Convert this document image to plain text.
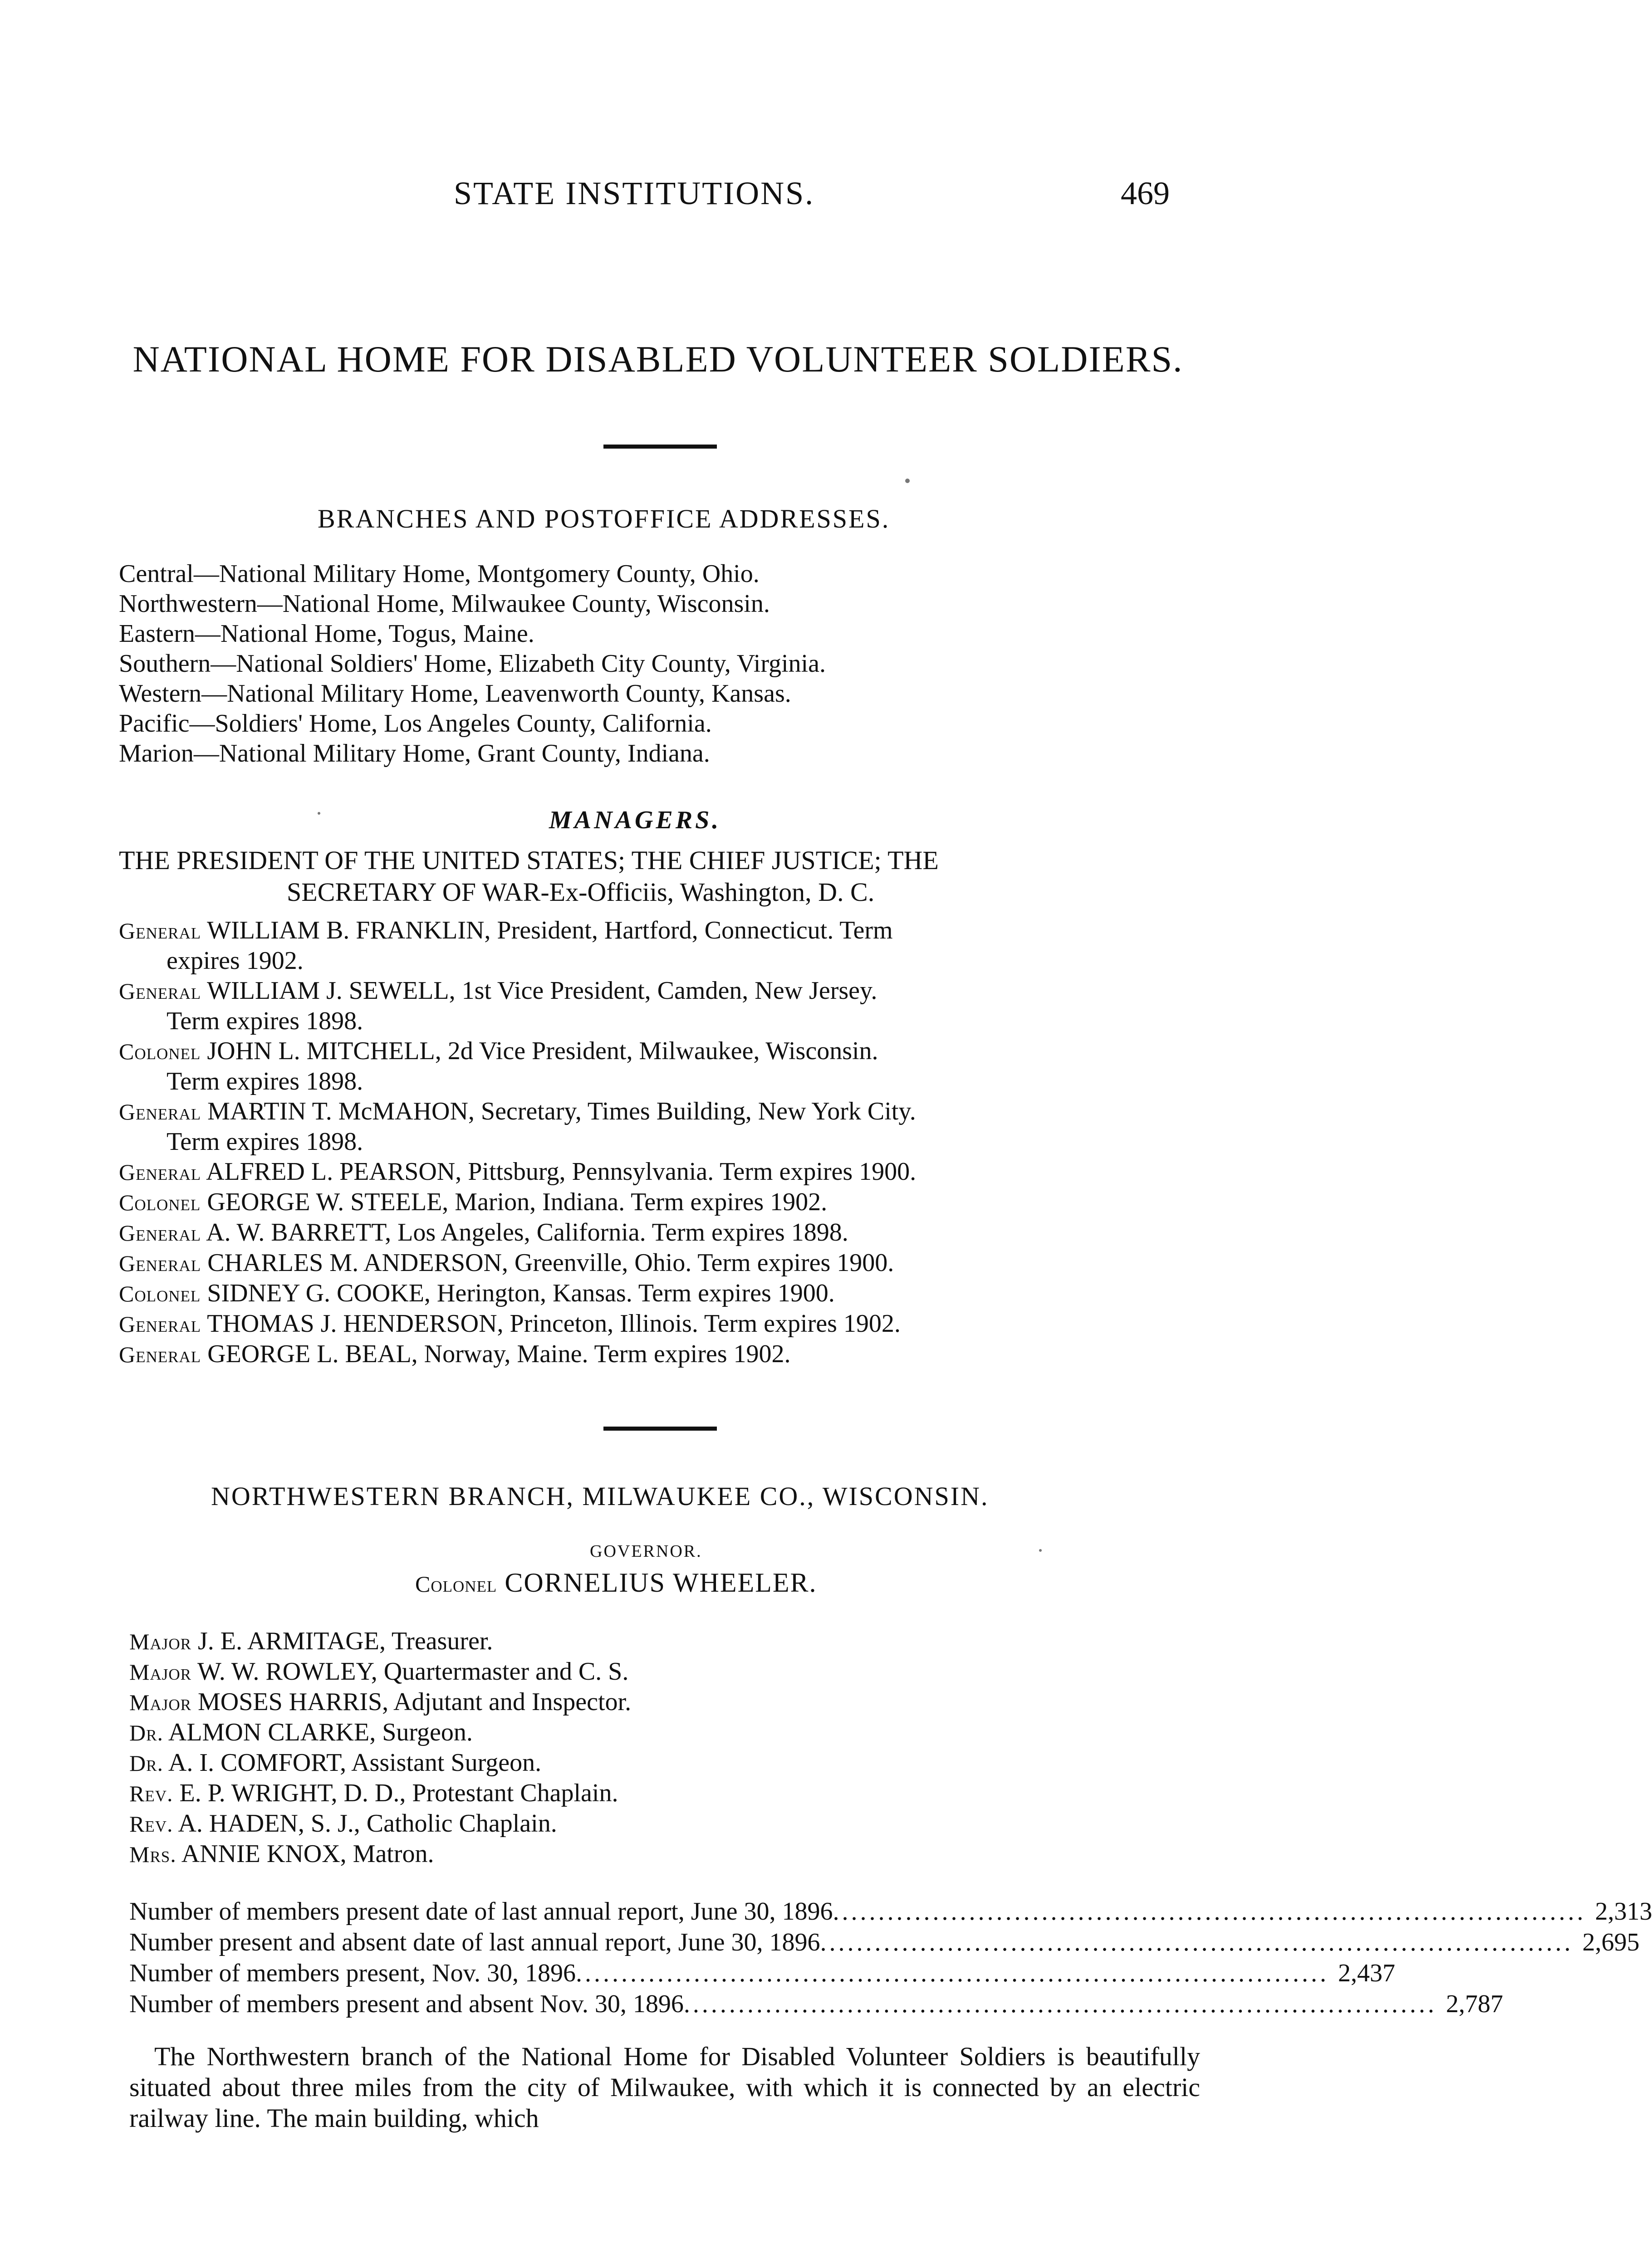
STATE INSTITUTIONS.	469
NATIONAL HOME FOR DISABLED VOLUNTEER SOLDIERS.
BRANCHES AND POSTOFFICE ADDRESSES.
Central—National Military Home, Montgomery County, Ohio.
Northwestern—National Home, Milwaukee County, Wisconsin.
Eastern—National Home, Togus, Maine.
Southern—National Soldiers' Home, Elizabeth City County, Virginia.
Western—National Military Home, Leavenworth County, Kansas.
Pacific—Soldiers' Home, Los Angeles County, California.
Marion—National Military Home, Grant County, Indiana.
MANAGERS.
THE PRESIDENT OF THE UNITED STATES; THE CHIEF JUSTICE; THE
SECRETARY OF WAR-Ex-Officiis, Washington, D. C.
General WILLIAM B. FRANKLIN, President, Hartford, Connecticut. Term
expires 1902.
General WILLIAM J. SEWELL, 1st Vice President, Camden, New Jersey.
Term expires 1898.
Colonel JOHN L. MITCHELL, 2d Vice President, Milwaukee, Wisconsin.
Term expires 1898.
General MARTIN T. McMAHON, Secretary, Times Building, New York City.
Term expires 1898.
General ALFRED L. PEARSON, Pittsburg, Pennsylvania. Term expires 1900.
Colonel GEORGE W. STEELE, Marion, Indiana. Term expires 1902.
General A. W. BARRETT, Los Angeles, California. Term expires 1898.
General CHARLES M. ANDERSON, Greenville, Ohio. Term expires 1900.
Colonel SIDNEY G. COOKE, Herington, Kansas. Term expires 1900.
General THOMAS J. HENDERSON, Princeton, Illinois. Term expires 1902.
General GEORGE L. BEAL, Norway, Maine. Term expires 1902.
NORTHWESTERN BRANCH, MILWAUKEE CO., WISCONSIN.
GOVERNOR.
Colonel CORNELIUS WHEELER.
Major J. E. ARMITAGE, Treasurer.
Major W. W. ROWLEY, Quartermaster and C. S.
Major MOSES HARRIS, Adjutant and Inspector.
Dr. ALMON CLARKE, Surgeon.
Dr. A. I. COMFORT, Assistant Surgeon.
Rev. E. P. WRIGHT, D. D., Protestant Chaplain.
Rev. A. HADEN, S. J., Catholic Chaplain.
Mrs. ANNIE KNOX, Matron.
Number of members present date of last annual report, June 30, 1896 ................................................................................... 2,313
Number present and absent date of last annual report, June 30, 1896 ................................................................................... 2,695
Number of members present, Nov. 30, 1896 ................................................................................... 2,437
Number of members present and absent Nov. 30, 1896 ................................................................................... 2,787
The Northwestern branch of the National Home for Disabled Volunteer Soldiers is beautifully situated about three miles from the city of Milwaukee, with which it is connected by an electric railway line. The main building, which
